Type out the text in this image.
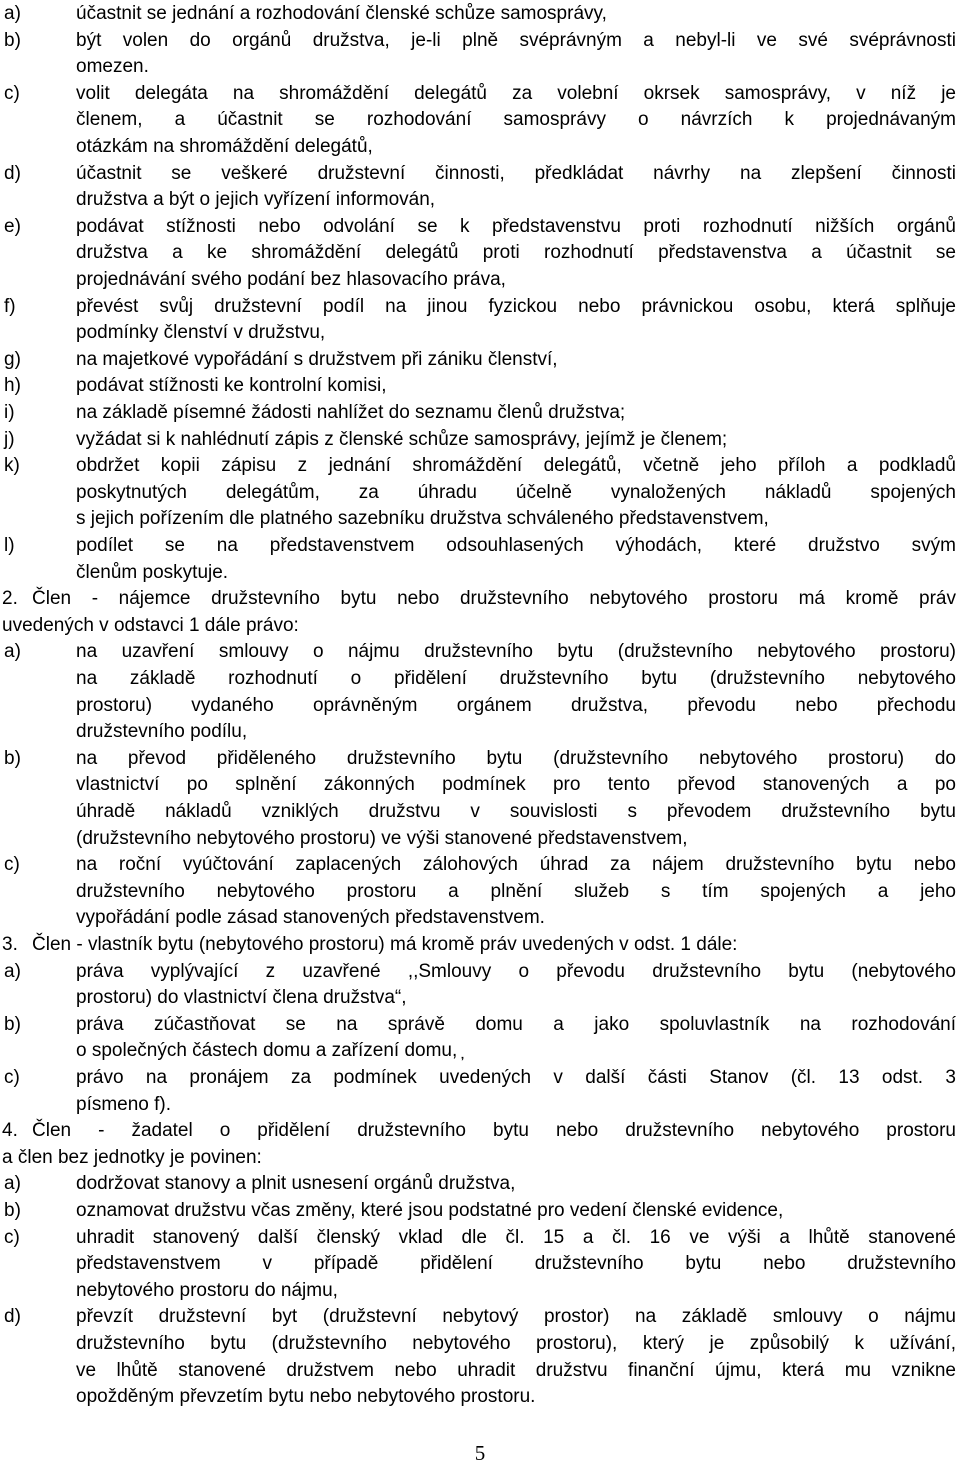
a)	účastnit se jednání a rozhodování členské schůze samosprávy,
b)	být volen do orgánů družstva, je-li plně svéprávným a nebyl-li ve své svéprávnosti
omezen.
c)	volit delegáta na shromáždění delegátů za volební okrsek samosprávy, v níž je
členem, a účastnit se rozhodování samosprávy o návrzích k projednávaným
otázkám na shromáždění delegátů,
d)	účastnit se veškeré družstevní činnosti, předkládat návrhy na zlepšení činnosti
družstva a být o jejich vyřízení informován,
e)	podávat stížnosti nebo odvolání se k představenstvu proti rozhodnutí nižších orgánů
družstva a ke shromáždění delegátů proti rozhodnutí představenstva a účastnit se
projednávání svého podání bez hlasovacího práva,
f)	převést svůj družstevní podíl na jinou fyzickou nebo právnickou osobu, která splňuje
podmínky členství v družstvu,
g)	na majetkové vypořádání s družstvem při zániku členství,
h)	podávat stížnosti ke kontrolní komisi,
i)	na základě písemné žádosti nahlížet do seznamu členů družstva;
j)	vyžádat si k nahlédnutí zápis z členské schůze samosprávy, jejímž je členem;
k)	obdržet kopii zápisu z jednání shromáždění delegátů, včetně jeho příloh a podkladů
poskytnutých delegátům, za úhradu účelně vynaložených nákladů spojených
s jejich pořízením dle platného sazebníku družstva schváleného představenstvem,
l)	podílet se na představenstvem odsouhlasených výhodách, které družstvo svým
členům poskytuje.
2. Člen - nájemce družstevního bytu nebo družstevního nebytového prostoru má kromě práv
uvedených v odstavci 1 dále právo:
a)	na uzavření smlouvy o nájmu družstevního bytu (družstevního nebytového prostoru)
na základě rozhodnutí o přidělení družstevního bytu (družstevního nebytového
prostoru) vydaného oprávněným orgánem družstva, převodu nebo přechodu
družstevního podílu,
b)	na převod přiděleného družstevního bytu (družstevního nebytového prostoru) do
vlastnictví po splnění zákonných podmínek pro tento převod stanovených a po
úhradě nákladů vzniklých družstvu v souvislosti s převodem družstevního bytu
(družstevního nebytového prostoru) ve výši stanovené představenstvem,
c)	na roční vyúčtování zaplacených zálohových úhrad za nájem družstevního bytu nebo
družstevního nebytového prostoru a plnění služeb s tím spojených a jeho
vypořádání podle zásad stanovených představenstvem.
3. Člen - vlastník bytu (nebytového prostoru) má kromě práv uvedených v odst. 1 dále:
a)	práva vyplývající z uzavřené ,,Smlouvy o převodu družstevního bytu (nebytového
prostoru) do vlastnictví člena družstva“,
b)	práva zúčastňovat se na správě domu a jako spoluvlastník na rozhodování
o společných částech domu a zařízení domu, ̦
c)	právo na pronájem za podmínek uvedených v další části Stanov (čl. 13 odst. 3
písmeno f).
4. Člen - žadatel o přidělení družstevního bytu nebo družstevního nebytového prostoru
a člen bez jednotky je povinen:
a)	dodržovat stanovy a plnit usnesení orgánů družstva,
b)	oznamovat družstvu včas změny, které jsou podstatné pro vedení členské evidence,
c)	uhradit stanovený další členský vklad dle čl. 15 a čl. 16 ve výši a lhůtě stanovené
představenstvem v případě přidělení družstevního bytu nebo družstevního
nebytového prostoru do nájmu,
d)	převzít družstevní byt (družstevní nebytový prostor) na základě smlouvy o nájmu
družstevního bytu (družstevního nebytového prostoru), který je způsobilý k užívání,
ve lhůtě stanovené družstvem nebo uhradit družstvu finanční újmu, která mu vznikne
opožděným převzetím bytu nebo nebytového prostoru.
5
